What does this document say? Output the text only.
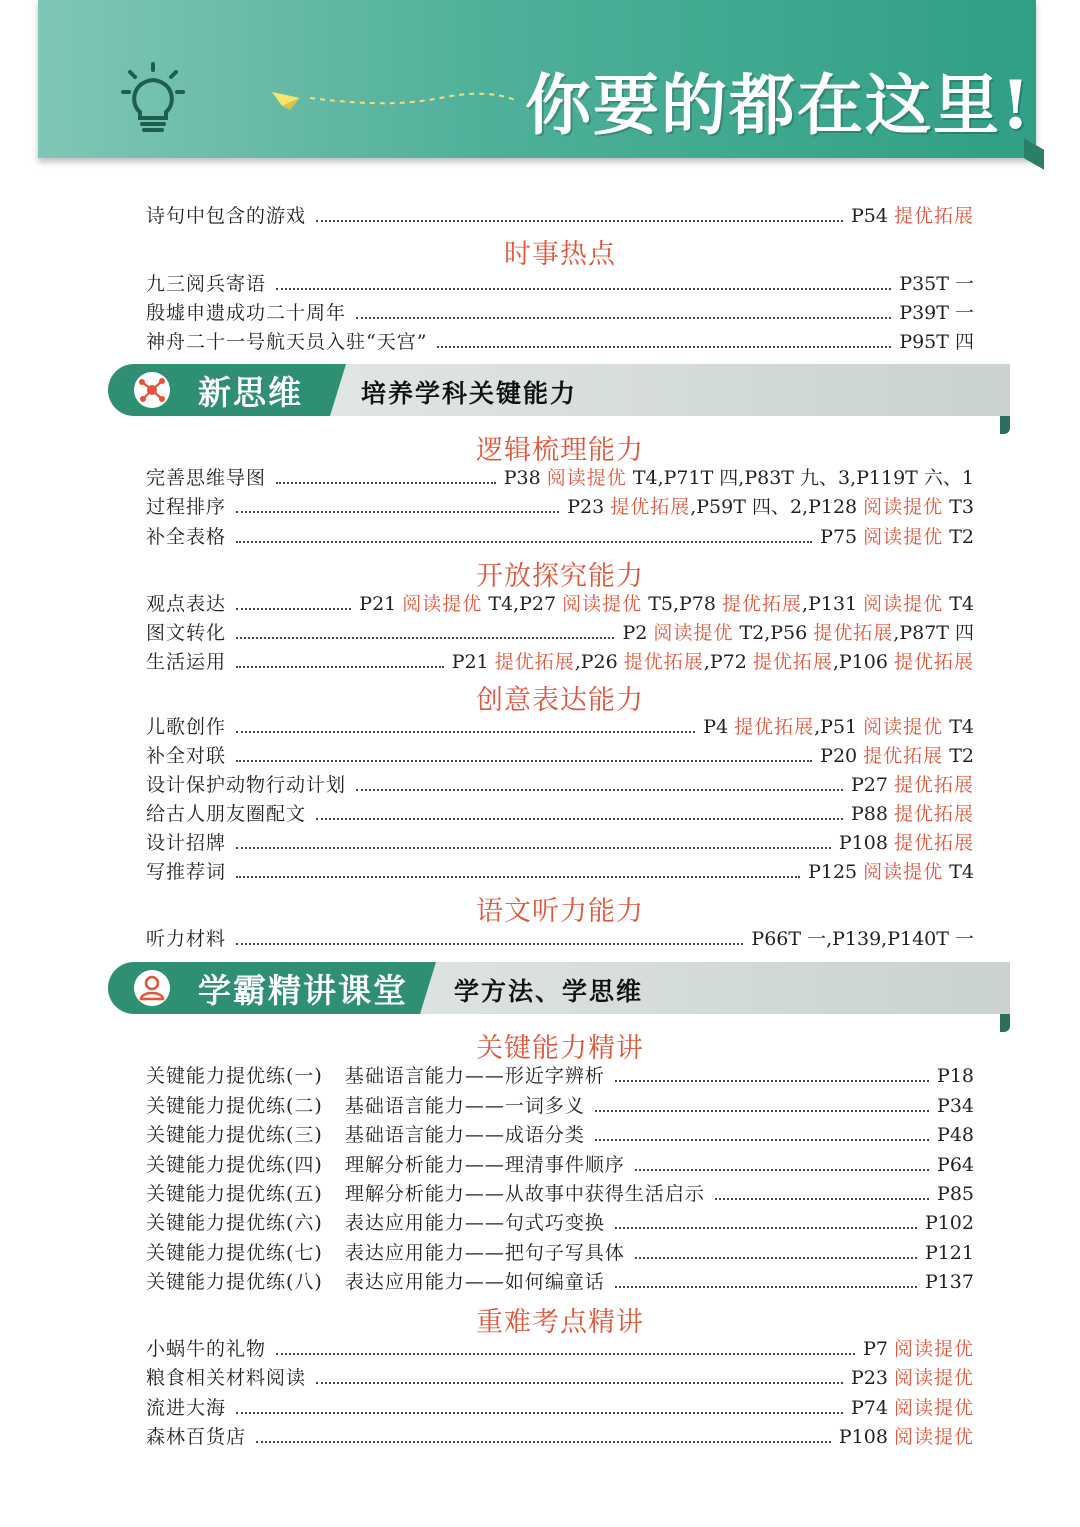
你要的都在这里!
诗句中包含的游戏	P54 提优拓展
时事热点
九三阅兵寄语	P35T 一
殷墟申遗成功二十周年	P39T 一
神舟二十一号航天员入驻“天宫”	P95T 四
新思维 培养学科关键能力
逻辑梳理能力
完善思维导图	P38 阅读提优 T4,P71T 四,P83T 九、3,P119T 六、1
过程排序	P23 提优拓展,P59T 四、2,P128 阅读提优 T3
补全表格	P75 阅读提优 T2
开放探究能力
观点表达	P21 阅读提优 T4,P27 阅读提优 T5,P78 提优拓展,P131 阅读提优 T4
图文转化	P2 阅读提优 T2,P56 提优拓展,P87T 四
生活运用	P21 提优拓展,P26 提优拓展,P72 提优拓展,P106 提优拓展
创意表达能力
儿歌创作	P4 提优拓展,P51 阅读提优 T4
补全对联	P20 提优拓展 T2
设计保护动物行动计划	P27 提优拓展
给古人朋友圈配文	P88 提优拓展
设计招牌	P108 提优拓展
写推荐词	P125 阅读提优 T4
语文听力能力
听力材料	P66T 一,P139,P140T 一
学霸精讲课堂 学方法、学思维
关键能力精讲
关键能力提优练(一) 基础语言能力——形近字辨析	P18
关键能力提优练(二) 基础语言能力——一词多义	P34
关键能力提优练(三) 基础语言能力——成语分类	P48
关键能力提优练(四) 理解分析能力——理清事件顺序	P64
关键能力提优练(五) 理解分析能力——从故事中获得生活启示	P85
关键能力提优练(六) 表达应用能力——句式巧变换	P102
关键能力提优练(七) 表达应用能力——把句子写具体	P121
关键能力提优练(八) 表达应用能力——如何编童话	P137
重难考点精讲
小蜗牛的礼物	P7 阅读提优
粮食相关材料阅读	P23 阅读提优
流进大海	P74 阅读提优
森林百货店	P108 阅读提优
